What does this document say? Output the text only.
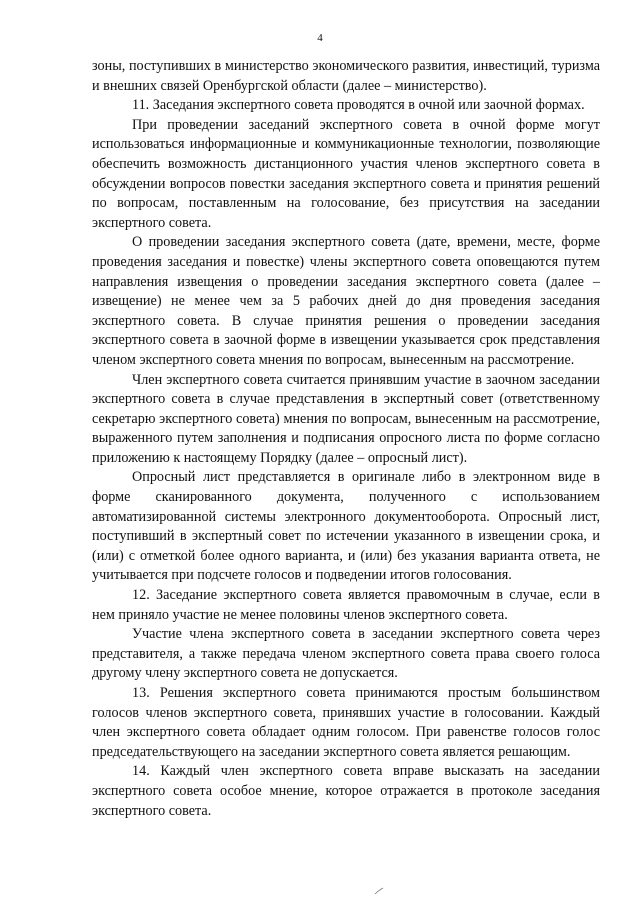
4

зоны, поступивших в министерство экономического развития, инвестиций, туризма и внешних связей Оренбургской области (далее – министерство).

11. Заседания экспертного совета проводятся в очной или заочной формах.

При проведении заседаний экспертного совета в очной форме могут использоваться информационные и коммуникационные технологии, позволяющие обеспечить возможность дистанционного участия членов экспертного совета в обсуждении вопросов повестки заседания экспертного совета и принятия решений по вопросам, поставленным на голосование, без присутствия на заседании экспертного совета.

О проведении заседания экспертного совета (дате, времени, месте, форме проведения заседания и повестке) члены экспертного совета оповещаются путем направления извещения о проведении заседания экспертного совета (далее – извещение) не менее чем за 5 рабочих дней до дня проведения заседания экспертного совета. В случае принятия решения о проведении заседания экспертного совета в заочной форме в извещении указывается срок представления членом экспертного совета мнения по вопросам, вынесенным на рассмотрение.

Член экспертного совета считается принявшим участие в заочном заседании экспертного совета в случае представления в экспертный совет (ответственному секретарю экспертного совета) мнения по вопросам, вынесенным на рассмотрение, выраженного путем заполнения и подписания опросного листа по форме согласно приложению к настоящему Порядку (далее – опросный лист).

Опросный лист представляется в оригинале либо в электронном виде в форме сканированного документа, полученного с использованием автоматизированной системы электронного документооборота. Опросный лист, поступивший в экспертный совет по истечении указанного в извещении срока, и (или) с отметкой более одного варианта, и (или) без указания варианта ответа, не учитывается при подсчете голосов и подведении итогов голосования.

12. Заседание экспертного совета является правомочным в случае, если в нем приняло участие не менее половины членов экспертного совета.

Участие члена экспертного совета в заседании экспертного совета через представителя, а также передача членом экспертного совета права своего голоса другому члену экспертного совета не допускается.

13. Решения экспертного совета принимаются простым большинством голосов членов экспертного совета, принявших участие в голосовании. Каждый член экспертного совета обладает одним голосом. При равенстве голосов голос председательствующего на заседании экспертного совета является решающим.

14. Каждый член экспертного совета вправе высказать на заседании экспертного совета особое мнение, которое отражается в протоколе заседания экспертного совета.
